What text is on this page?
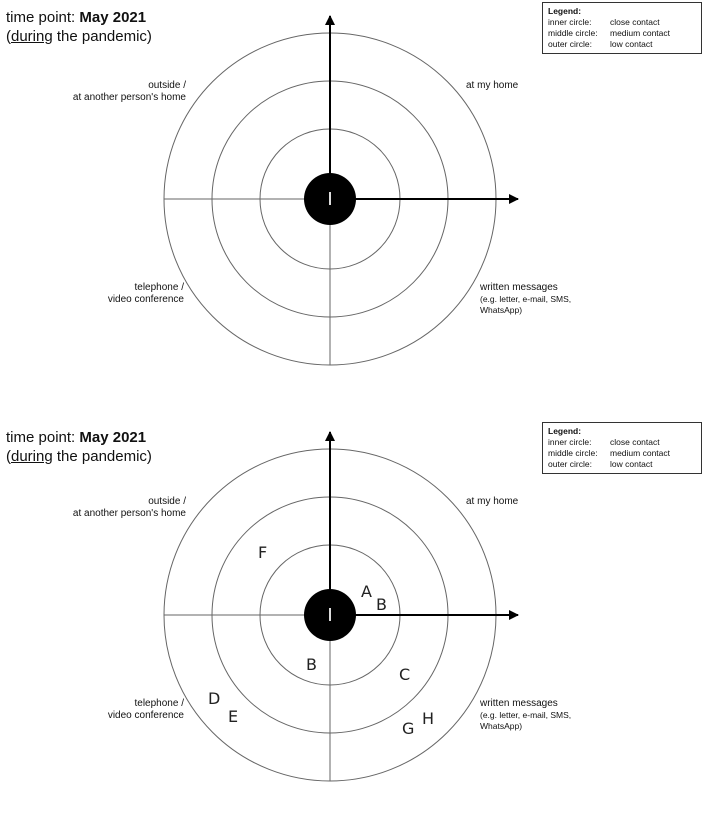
time point: May 2021
(during the pandemic)
Legend:
inner circle:	close contact
middle circle:	medium contact
outer circle:	low contact
I
outside /
at another person's home
at my home
telephone /
video conference
written messages
(e.g. letter, e-mail, SMS,
WhatsApp)
time point: May 2021
(during the pandemic)
Legend:
inner circle:	close contact
middle circle:	medium contact
outer circle:	low contact
I
F
A
B
B
C
D
E
G
H
outside /
at another person's home
at my home
telephone /
video conference
written messages
(e.g. letter, e-mail, SMS,
WhatsApp)
